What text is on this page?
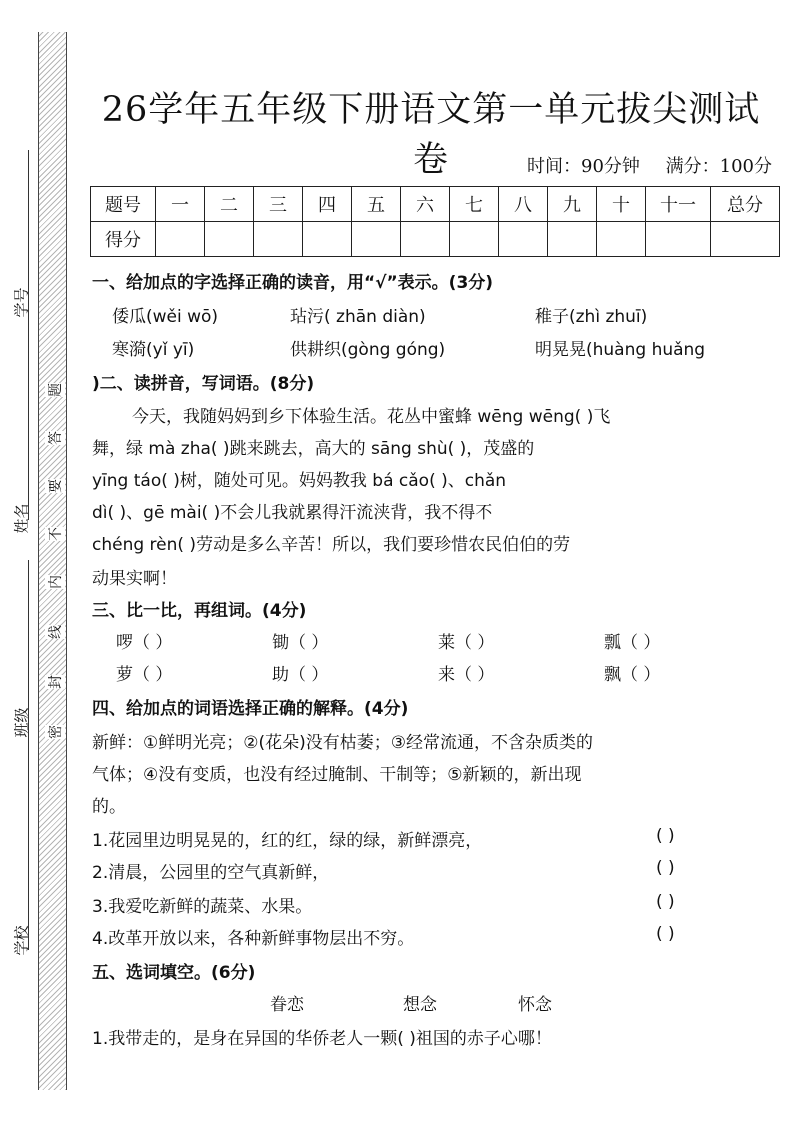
学号
姓名
班级
学校
题
答
要
不
内
线
封
密
26学年五年级下册语文第一单元拔尖测试卷	时间：90分钟 满分：100分
题号	一	二	三	四	五	六	七	八	九	十	十一	总分
得分												
一、给加点的字选择正确的读音，用“√”表示。(3分)
倭瓜(wěi wō)	玷污( zhān diàn)	稚子(zhì zhuī)
寒漪(yǐ yī)	供耕织(gòng góng)	明晃晃(huàng huǎng
)二、读拼音，写词语。(8分)
今天，我随妈妈到乡下体验生活。花丛中蜜蜂 wēng wēng( )飞
舞，绿 mà zha( )跳来跳去，高大的 sāng shù( )，茂盛的
yīng táo( )树，随处可见。妈妈教我 bá cǎo( )、chǎn
dì( )、gē mài( )不会儿我就累得汗流浃背，我不得不
chéng rèn( )劳动是多么辛苦！所以，我们要珍惜农民伯伯的劳
动果实啊！
三、比一比，再组词。(4分)
啰（ ）	锄（ ）	莱（ ）	瓢（ ）
萝（ ）	助（ ）	来（ ）	飘（ ）
四、给加点的词语选择正确的解释。(4分)
新鲜：①鲜明光亮；②(花朵)没有枯萎；③经常流通，不含杂质类的
气体；④没有变质，也没有经过腌制、干制等；⑤新颖的，新出现
的。
1.花园里边明晃晃的，红的红，绿的绿，新鲜漂亮，	( )
2.清晨，公园里的空气真新鲜，	( )
3.我爱吃新鲜的蔬菜、水果。	( )
4.改革开放以来，各种新鲜事物层出不穷。	( )
五、选词填空。(6分)
眷恋	想念	怀念
1.我带走的，是身在异国的华侨老人一颗( )祖国的赤子心哪！
